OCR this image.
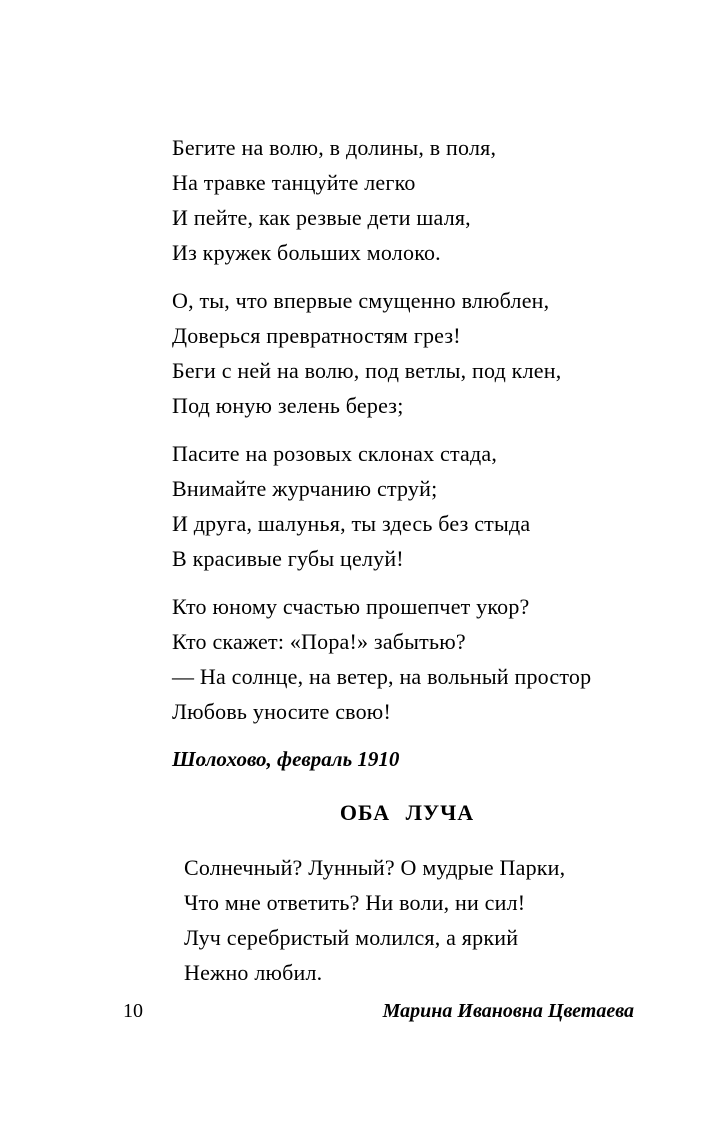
Бегите на волю, в долины, в поля,
На травке танцуйте легко
И пейте, как резвые дети шаля,
Из кружек больших молоко.
О, ты, что впервые смущенно влюблен,
Доверься превратностям грез!
Беги с ней на волю, под ветлы, под клен,
Под юную зелень берез;
Пасите на розовых склонах стада,
Внимайте журчанию струй;
И друга, шалунья, ты здесь без стыда
В красивые губы целуй!
Кто юному счастью прошепчет укор?
Кто скажет: «Пора!» забытью?
— На солнце, на ветер, на вольный простор
Любовь уносите свою!
Шолохово, февраль 1910
ОБА ЛУЧА
Солнечный? Лунный? О мудрые Парки,
Что мне ответить? Ни воли, ни сил!
Луч серебристый молился, а яркий
Нежно любил.
10	Марина Ивановна Цветаева
